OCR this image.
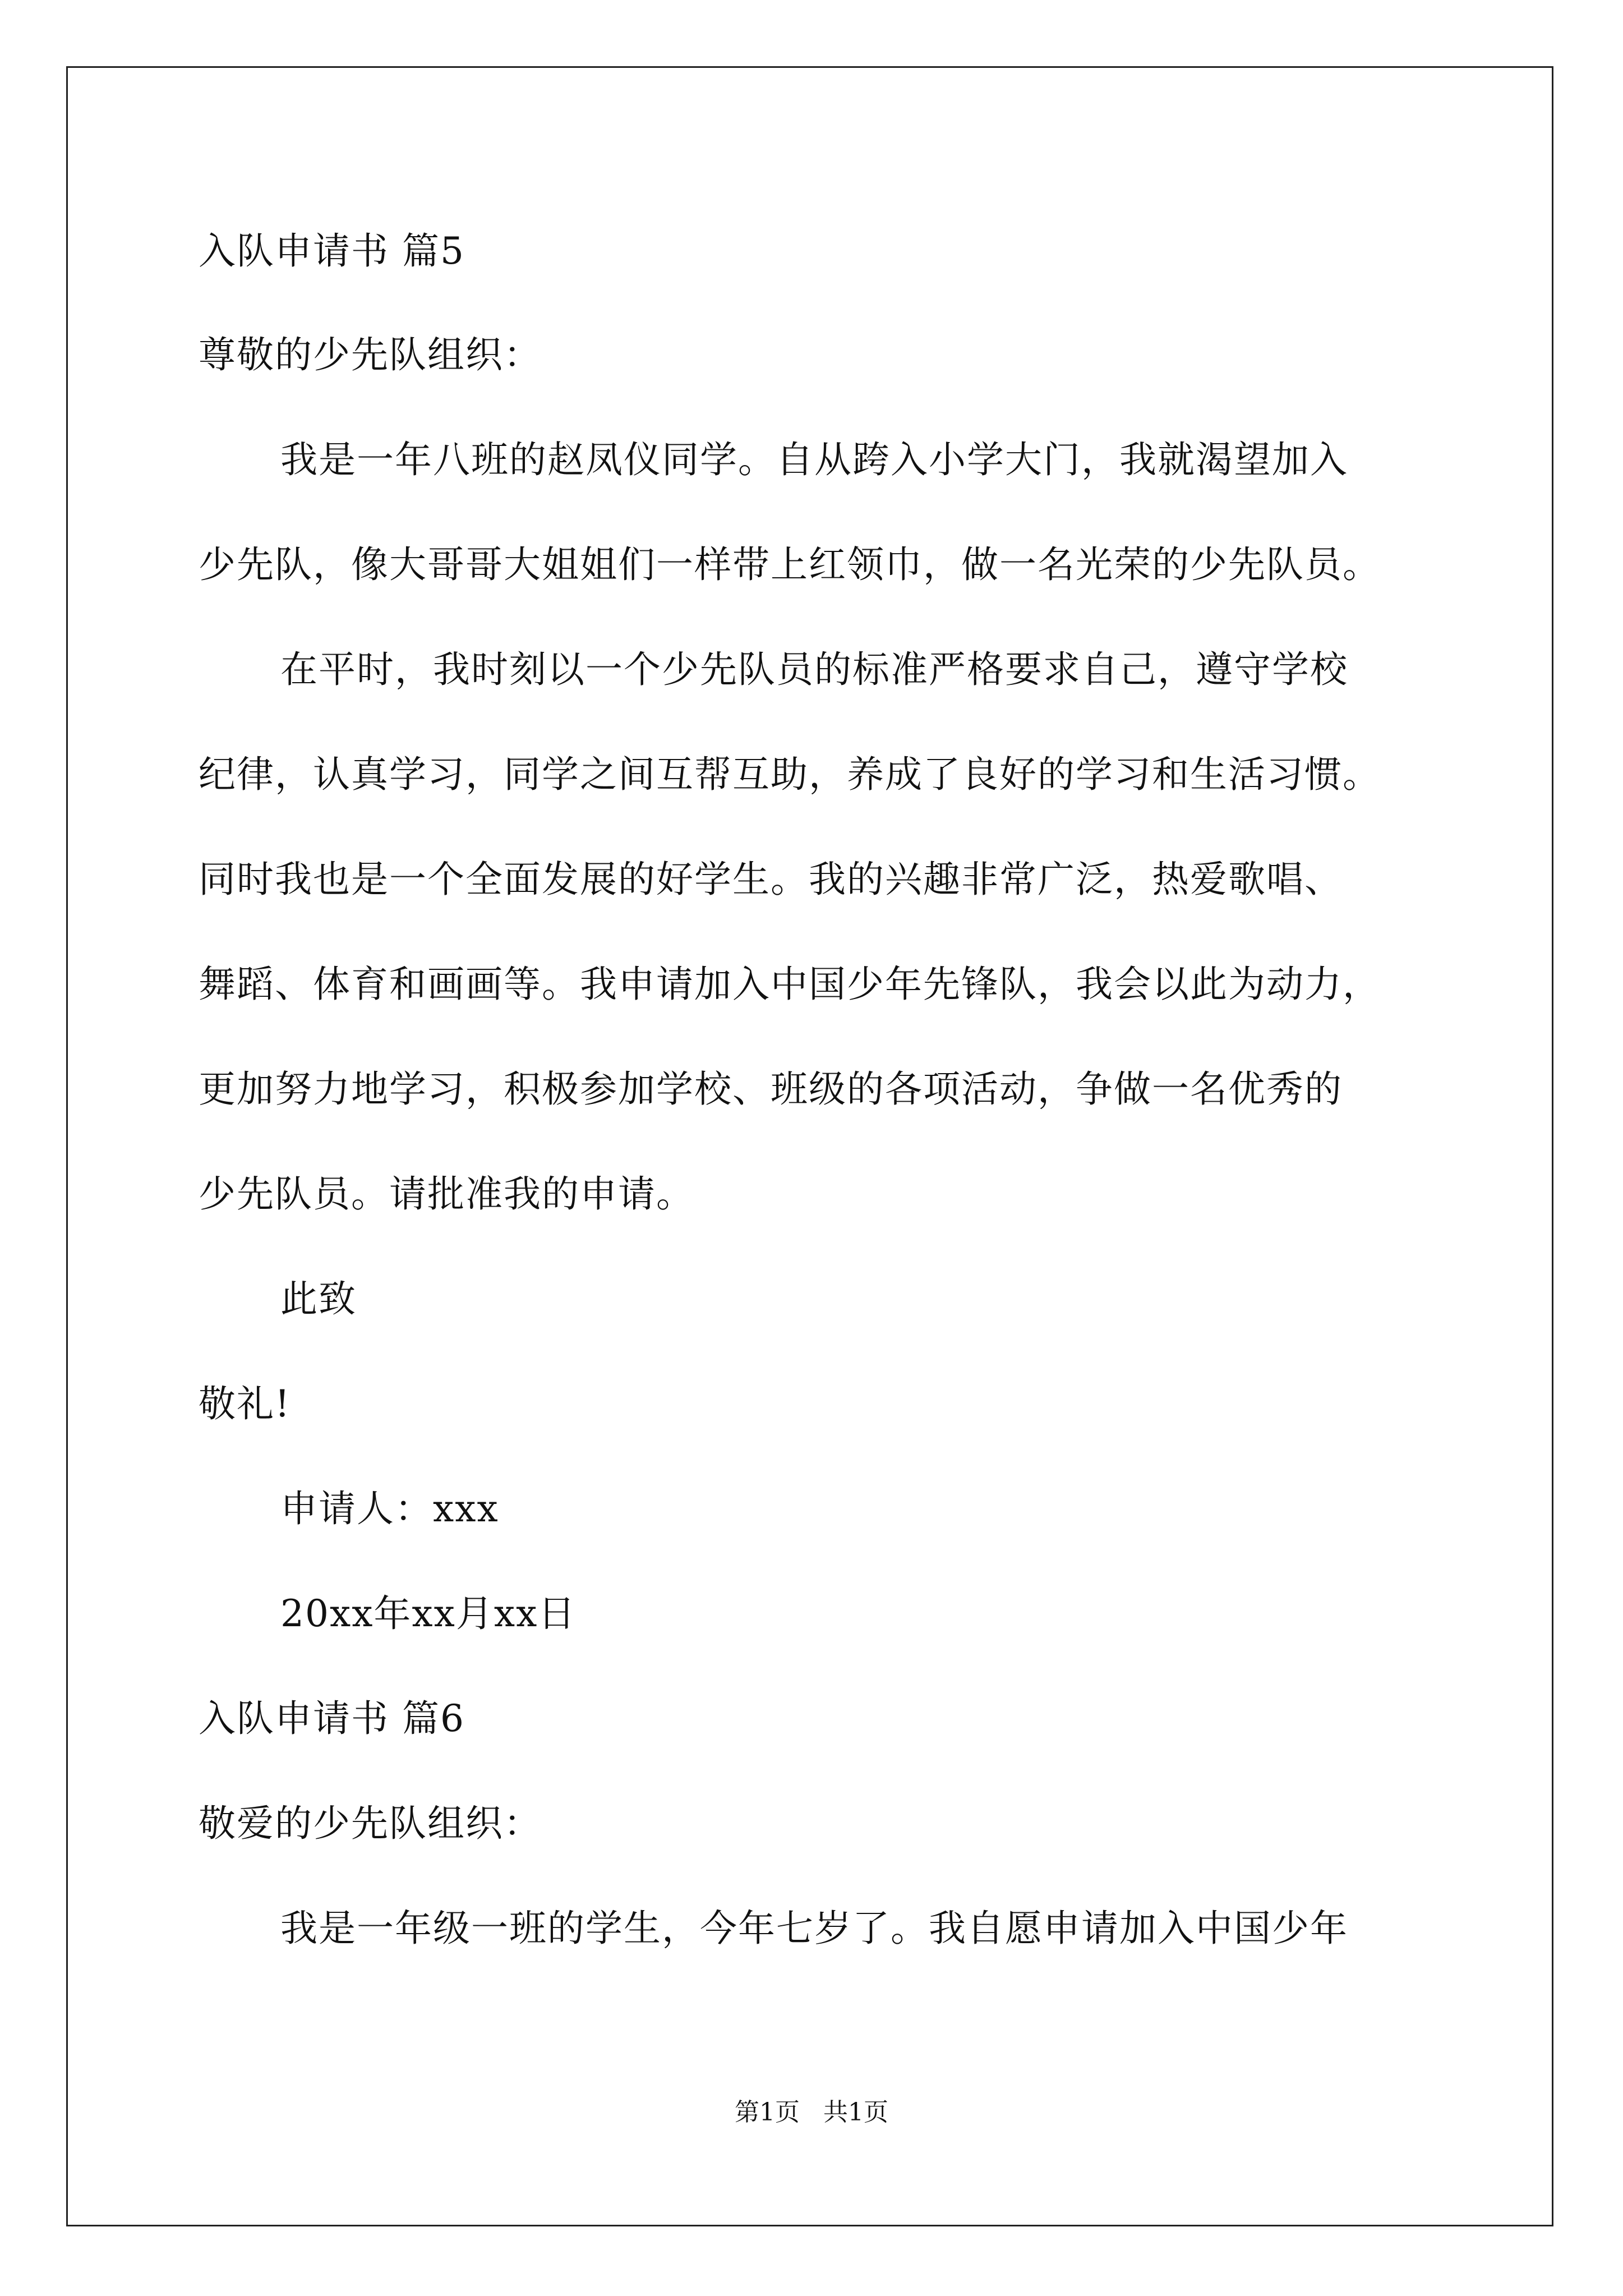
入队申请书 篇5
尊敬的少先队组织：
我是一年八班的赵凤仪同学。自从跨入小学大门，我就渴望加入
少先队，像大哥哥大姐姐们一样带上红领巾，做一名光荣的少先队员。
在平时，我时刻以一个少先队员的标准严格要求自己，遵守学校
纪律，认真学习，同学之间互帮互助，养成了良好的学习和生活习惯。
同时我也是一个全面发展的好学生。我的兴趣非常广泛，热爱歌唱、
舞蹈、体育和画画等。我申请加入中国少年先锋队，我会以此为动力，
更加努力地学习，积极参加学校、班级的各项活动，争做一名优秀的
少先队员。请批准我的申请。
此致
敬礼!
申请人：xxx
20xx年xx月xx日
入队申请书 篇6
敬爱的少先队组织：
我是一年级一班的学生，今年七岁了。我自愿申请加入中国少年
第1页   共1页
